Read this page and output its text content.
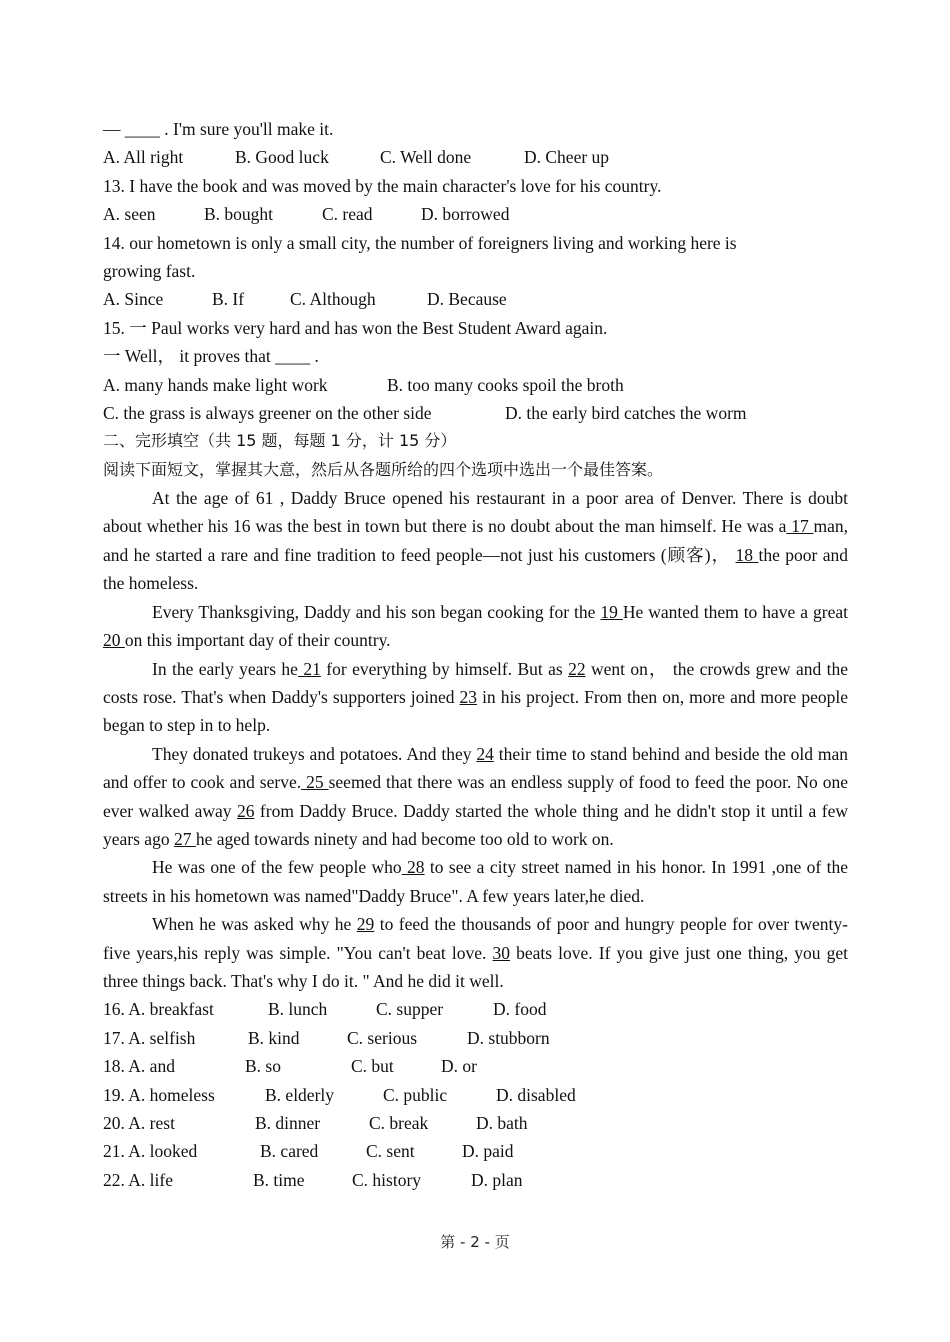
— ____ . I'm sure you'll make it.
A. All right	B. Good luck	C. Well done	D. Cheer up
13. I have the book and was moved by the main character's love for his country.
A. seen	B. bought	C. read	D. borrowed
14. our hometown is only a small city, the number of foreigners living and working here is
growing fast.
A. Since	B. If	C. Although	D. Because
15. 一 Paul works very hard and has won the Best Student Award again.
一 Well， it proves that ____ .
A. many hands make light work	B. too many cooks spoil the broth
C. the grass is always greener on the other side	D. the early bird catches the worm
二、完形填空（共 15 题，每题 1 分，计 15 分）
阅读下面短文，掌握其大意，然后从各题所给的四个选项中选出一个最佳答案。
At the age of 61 , Daddy Bruce opened his restaurant in a poor area of Denver. There is doubt about whether his 16 was the best in town but there is no doubt about the man himself. He was a 17 man, and he started a rare and fine tradition to feed people—not just his customers (顾客)， 18 the poor and the homeless.
Every Thanksgiving, Daddy and his son began cooking for the 19 He wanted them to have a great 20 on this important day of their country.
In the early years he 21 for everything by himself. But as 22 went on， the crowds grew and the costs rose. That's when Daddy's supporters joined 23 in his project. From then on, more and more people began to step in to help.
They donated trukeys and potatoes. And they 24 their time to stand behind and beside the old man and offer to cook and serve. 25 seemed that there was an endless supply of food to feed the poor. No one ever walked away 26 from Daddy Bruce. Daddy started the whole thing and he didn't stop it until a few years ago 27 he aged towards ninety and had become too old to work on.
He was one of the few people who 28 to see a city street named in his honor. In 1991 ,one of the streets in his hometown was named"Daddy Bruce". A few years later,he died.
When he was asked why he 29 to feed the thousands of poor and hungry people for over twenty-five years,his reply was simple. "You can't beat love. 30 beats love. If you give just one thing, you get three things back. That's why I do it. " And he did it well.
16. A. breakfast	B. lunch	C. supper	D. food
17. A. selfish	B. kind	C. serious	D. stubborn
18. A. and	B. so	C. but	D. or
19. A. homeless	B. elderly	C. public	D. disabled
20. A. rest	B. dinner	C. break	D. bath
21. A. looked	B. cared	C. sent	D. paid
22. A. life	B. time	C. history	D. plan
第 - 2 - 页
